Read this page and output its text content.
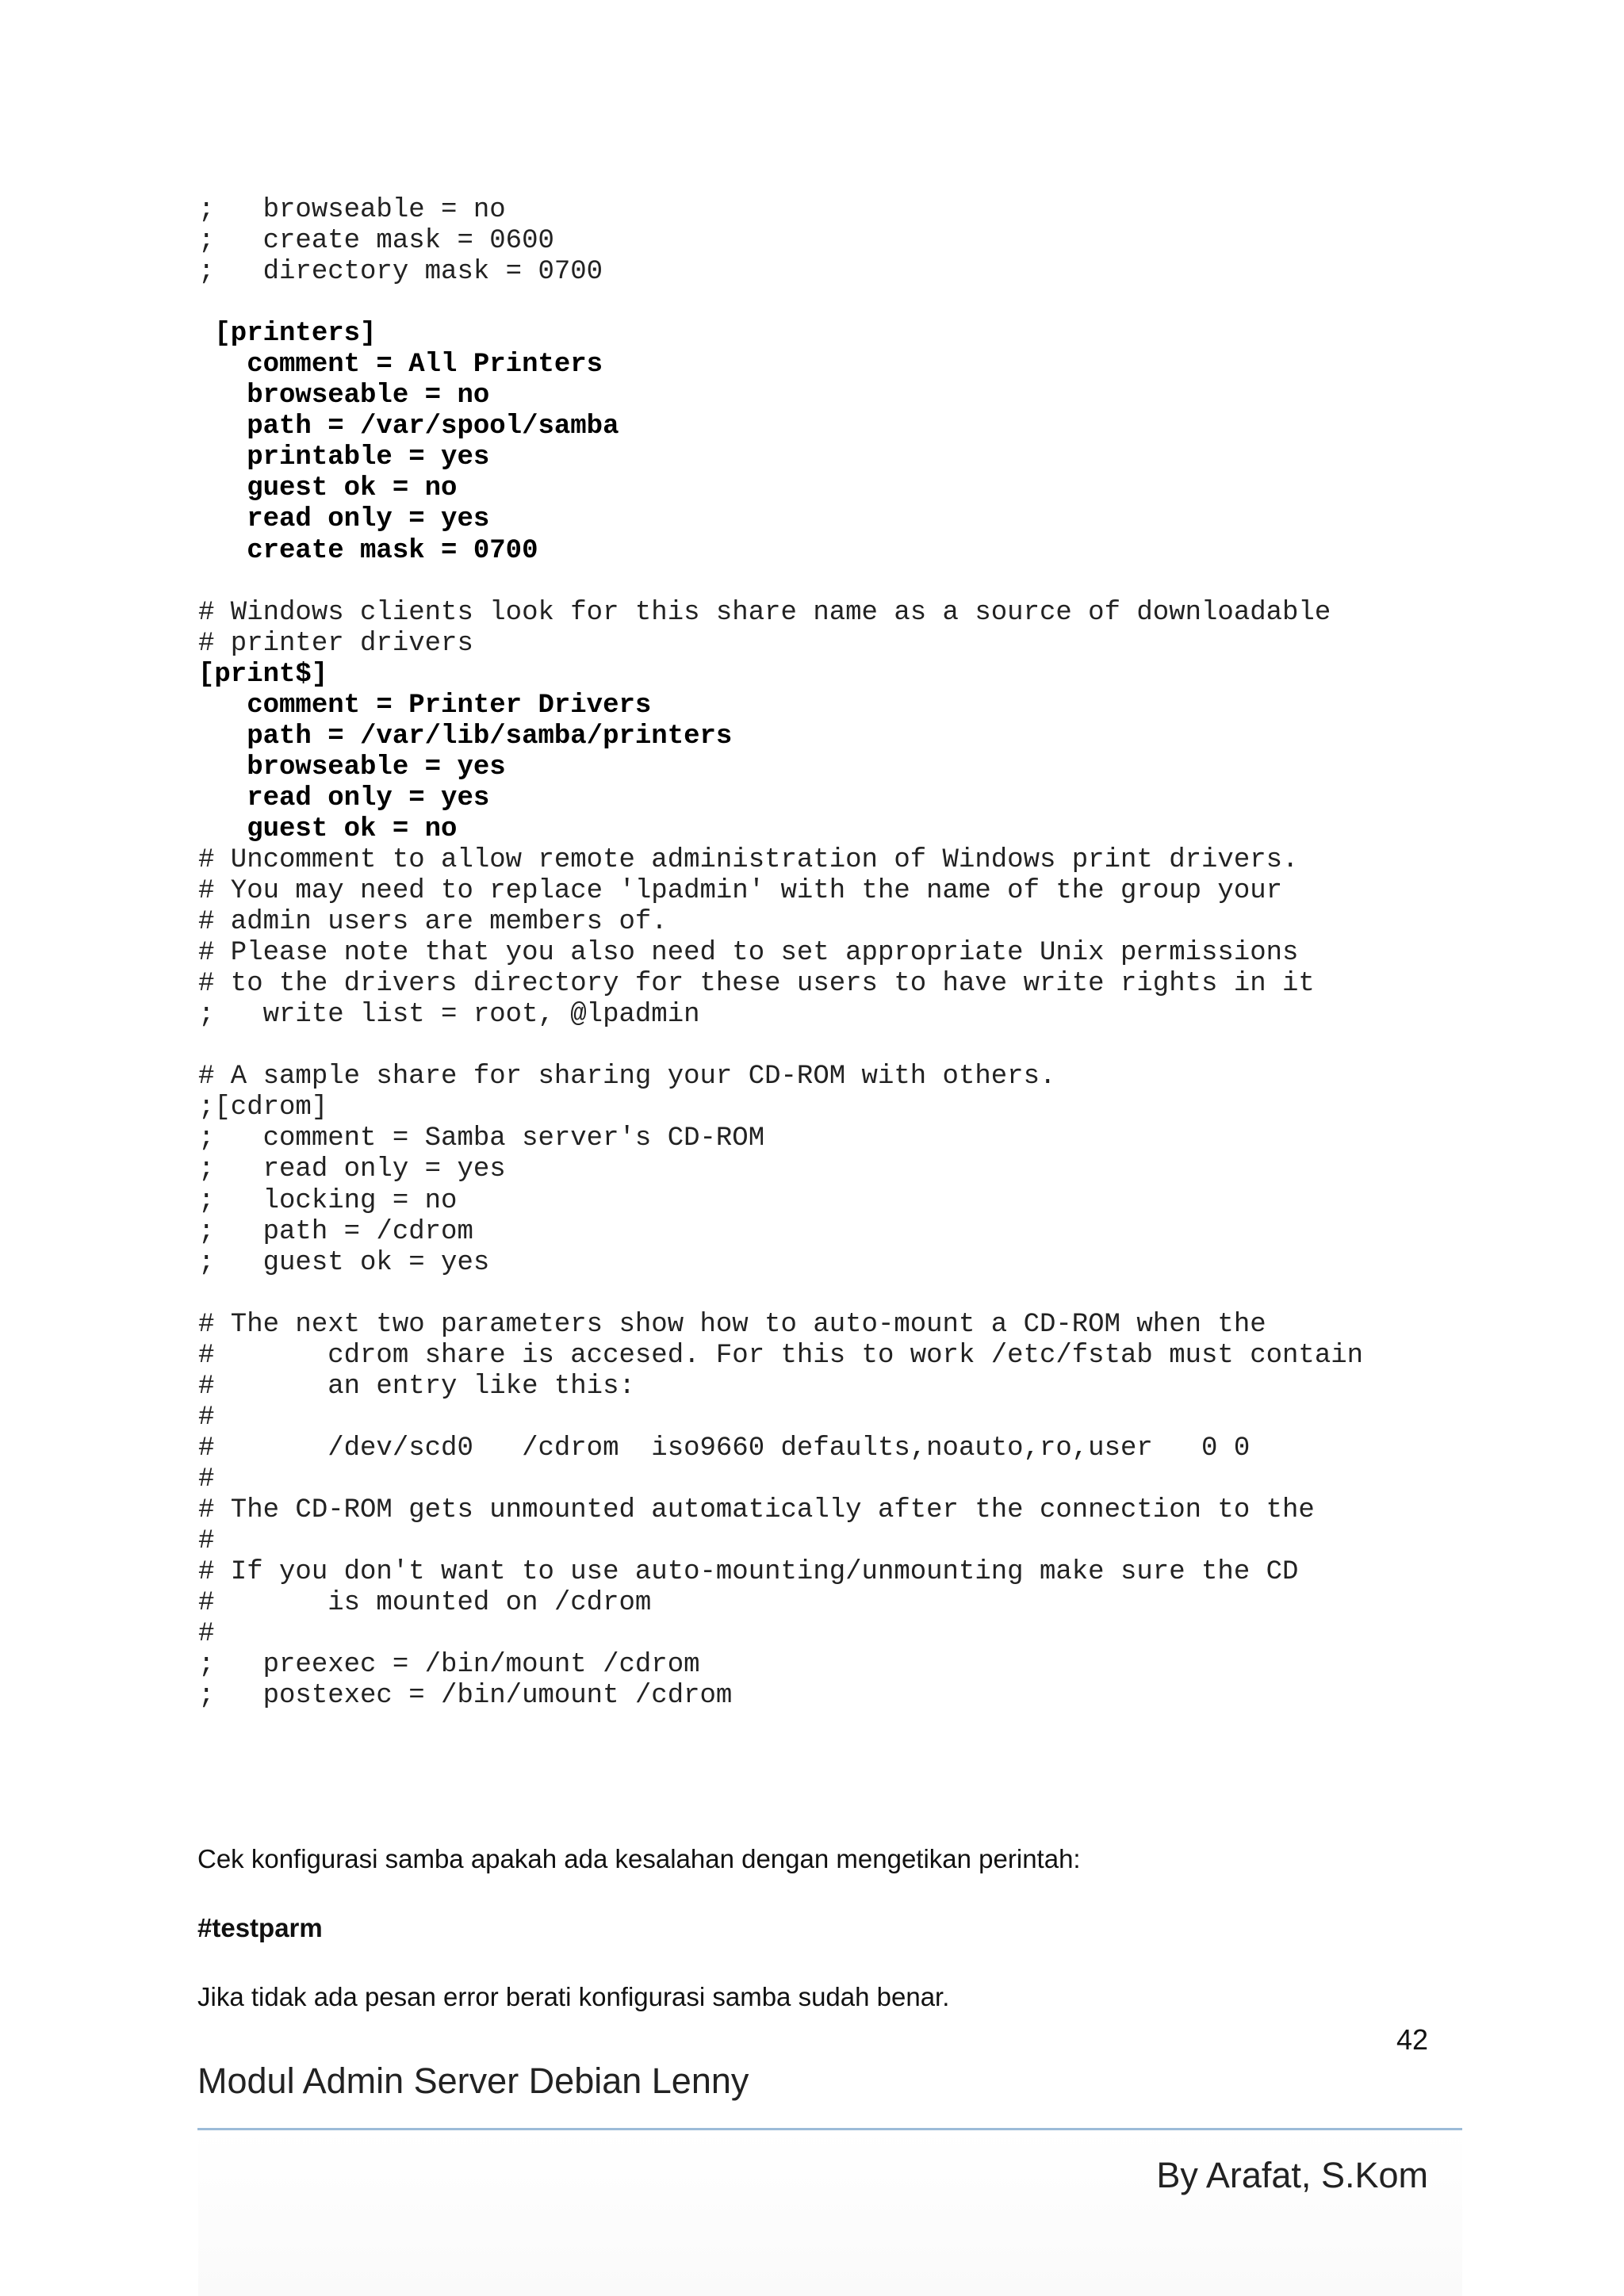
;   browseable = no
;   create mask = 0600
;   directory mask = 0700
[printers]
comment = All Printers
browseable = no
path = /var/spool/samba
printable = yes
guest ok = no
read only = yes
create mask = 0700
# Windows clients look for this share name as a source of downloadable
# printer drivers
[print$]
comment = Printer Drivers
path = /var/lib/samba/printers
browseable = yes
read only = yes
guest ok = no
# Uncomment to allow remote administration of Windows print drivers.
# You may need to replace 'lpadmin' with the name of the group your
# admin users are members of.
# Please note that you also need to set appropriate Unix permissions
# to the drivers directory for these users to have write rights in it
;   write list = root, @lpadmin
# A sample share for sharing your CD-ROM with others.
;[cdrom]
;   comment = Samba server's CD-ROM
;   read only = yes
;   locking = no
;   path = /cdrom
;   guest ok = yes
# The next two parameters show how to auto-mount a CD-ROM when the
#       cdrom share is accesed. For this to work /etc/fstab must contain
#       an entry like this:
#
#       /dev/scd0   /cdrom  iso9660 defaults,noauto,ro,user   0 0
#
# The CD-ROM gets unmounted automatically after the connection to the
#
# If you don't want to use auto-mounting/unmounting make sure the CD
#       is mounted on /cdrom
#
;   preexec = /bin/mount /cdrom
;   postexec = /bin/umount /cdrom

Cek konfigurasi samba apakah ada kesalahan dengan mengetikan perintah:

#testparm

Jika tidak ada pesan error berati konfigurasi samba sudah benar.

42

Modul Admin Server Debian Lenny

By Arafat, S.Kom
